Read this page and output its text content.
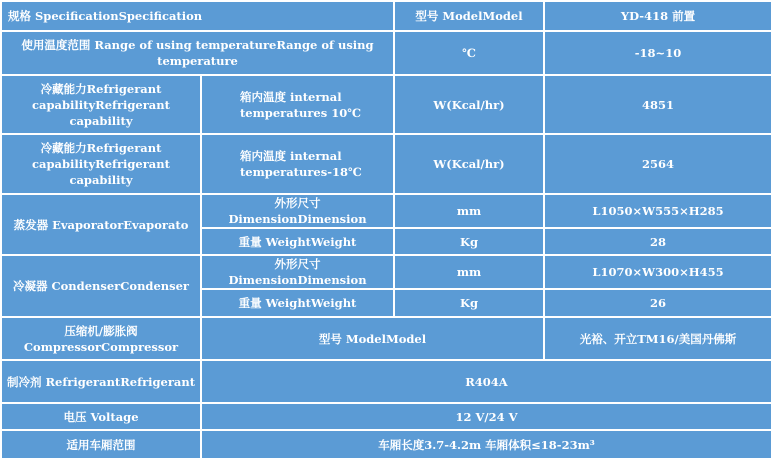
规格 SpecificationSpecification		型号 ModelModel	YD-418 前置
使用温度范围 Range of using temperatureRange of using temperature		℃	-18~10
冷藏能力Refrigerant capabilityRefrigerant capability	箱内温度 internal temperatures 10℃	W(Kcal/hr)	4851
冷藏能力Refrigerant capabilityRefrigerant capability	箱内温度 internal temperatures-18℃	W(Kcal/hr)	2564
蒸发器 EvaporatorEvaporato	外形尺寸 DimensionDimension	mm	L1050×W555×H285
	重量 WeightWeight	Kg	28
冷凝器 CondenserCondenser	外形尺寸 DimensionDimension	mm	L1070×W300×H455
	重量 WeightWeight	Kg	26
压缩机/膨胀阀 CompressorCompressor	型号 ModelModel		光裕、开立TM16/美国丹佛斯
制冷剂 RefrigerantRefrigerant	R404A		
电压 Voltage	12 V/24 V		
适用车厢范围	车厢长度3.7-4.2m 车厢体积≤18-23m³		
